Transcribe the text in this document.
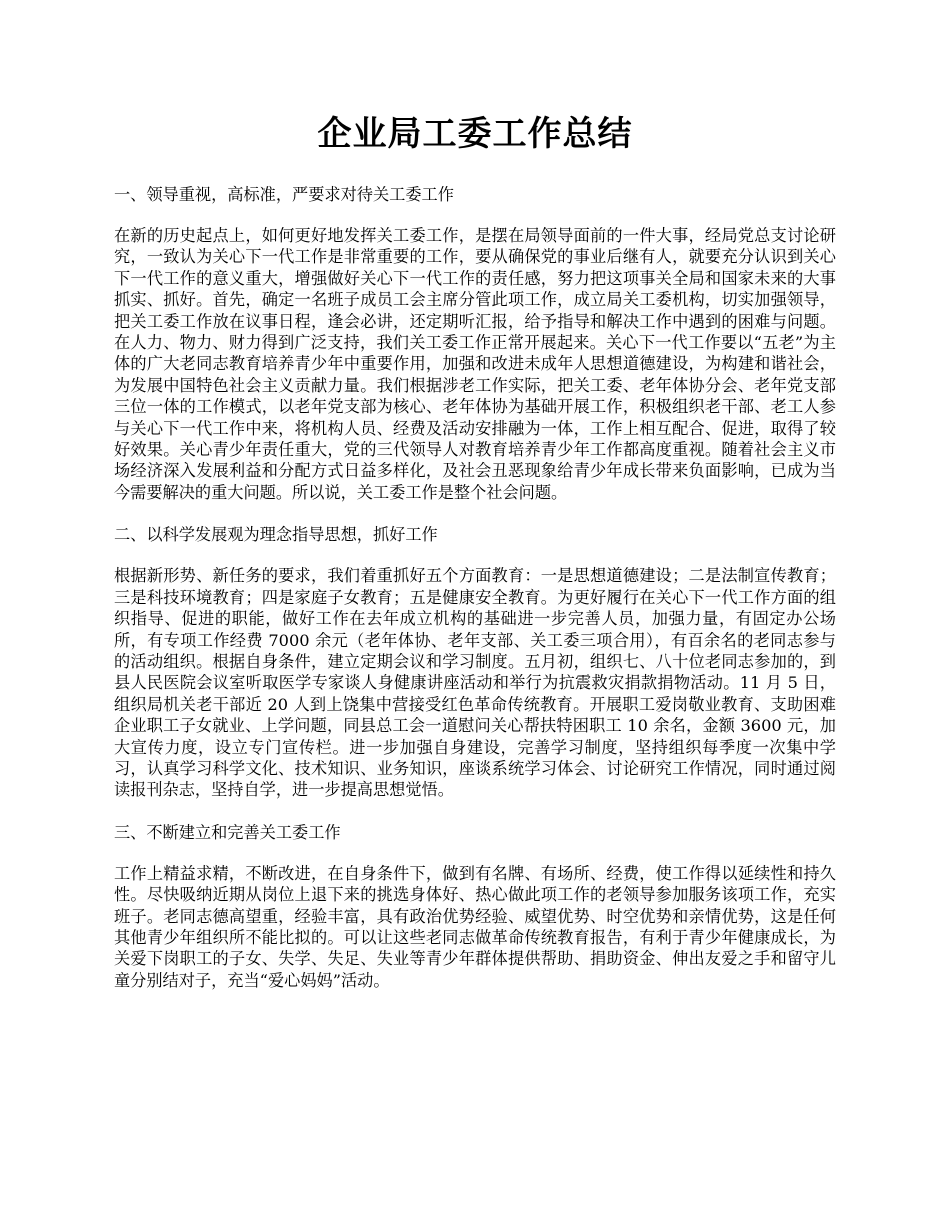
企业局工委工作总结

一、领导重视，高标准，严要求对待关工委工作

在新的历史起点上，如何更好地发挥关工委工作，是摆在局领导面前的一件大事，经局党总支讨论研究，一致认为关心下一代工作是非常重要的工作，要从确保党的事业后继有人，就要充分认识到关心下一代工作的意义重大，增强做好关心下一代工作的责任感，努力把这项事关全局和国家未来的大事抓实、抓好。首先，确定一名班子成员工会主席分管此项工作，成立局关工委机构，切实加强领导，把关工委工作放在议事日程，逢会必讲，还定期听汇报，给予指导和解决工作中遇到的困难与问题。在人力、物力、财力得到广泛支持，我们关工委工作正常开展起来。关心下一代工作要以“五老”为主体的广大老同志教育培养青少年中重要作用，加强和改进未成年人思想道德建设，为构建和谐社会，为发展中国特色社会主义贡献力量。我们根据涉老工作实际，把关工委、老年体协分会、老年党支部三位一体的工作模式，以老年党支部为核心、老年体协为基础开展工作，积极组织老干部、老工人参与关心下一代工作中来，将机构人员、经费及活动安排融为一体，工作上相互配合、促进，取得了较好效果。关心青少年责任重大，党的三代领导人对教育培养青少年工作都高度重视。随着社会主义市场经济深入发展利益和分配方式日益多样化，及社会丑恶现象给青少年成长带来负面影响，已成为当今需要解决的重大问题。所以说，关工委工作是整个社会问题。

二、以科学发展观为理念指导思想，抓好工作

根据新形势、新任务的要求，我们着重抓好五个方面教育：一是思想道德建设；二是法制宣传教育；三是科技环境教育；四是家庭子女教育；五是健康安全教育。为更好履行在关心下一代工作方面的组织指导、促进的职能，做好工作在去年成立机构的基础进一步完善人员，加强力量，有固定办公场所，有专项工作经费 7000 余元（老年体协、老年支部、关工委三项合用），有百余名的老同志参与的活动组织。根据自身条件，建立定期会议和学习制度。五月初，组织七、八十位老同志参加的，到县人民医院会议室听取医学专家谈人身健康讲座活动和举行为抗震救灾捐款捐物活动。11 月 5 日，组织局机关老干部近 20 人到上饶集中营接受红色革命传统教育。开展职工爱岗敬业教育、支助困难企业职工子女就业、上学问题，同县总工会一道慰问关心帮扶特困职工 10 余名，金额 3600 元，加大宣传力度，设立专门宣传栏。进一步加强自身建设，完善学习制度，坚持组织每季度一次集中学习，认真学习科学文化、技术知识、业务知识，座谈系统学习体会、讨论研究工作情况，同时通过阅读报刊杂志，坚持自学，进一步提高思想觉悟。

三、不断建立和完善关工委工作

工作上精益求精，不断改进，在自身条件下，做到有名牌、有场所、经费，使工作得以延续性和持久性。尽快吸纳近期从岗位上退下来的挑选身体好、热心做此项工作的老领导参加服务该项工作，充实班子。老同志德高望重，经验丰富，具有政治优势经验、威望优势、时空优势和亲情优势，这是任何其他青少年组织所不能比拟的。可以让这些老同志做革命传统教育报告，有利于青少年健康成长，为关爱下岗职工的子女、失学、失足、失业等青少年群体提供帮助、捐助资金、伸出友爱之手和留守儿童分别结对子，充当“爱心妈妈”活动。
